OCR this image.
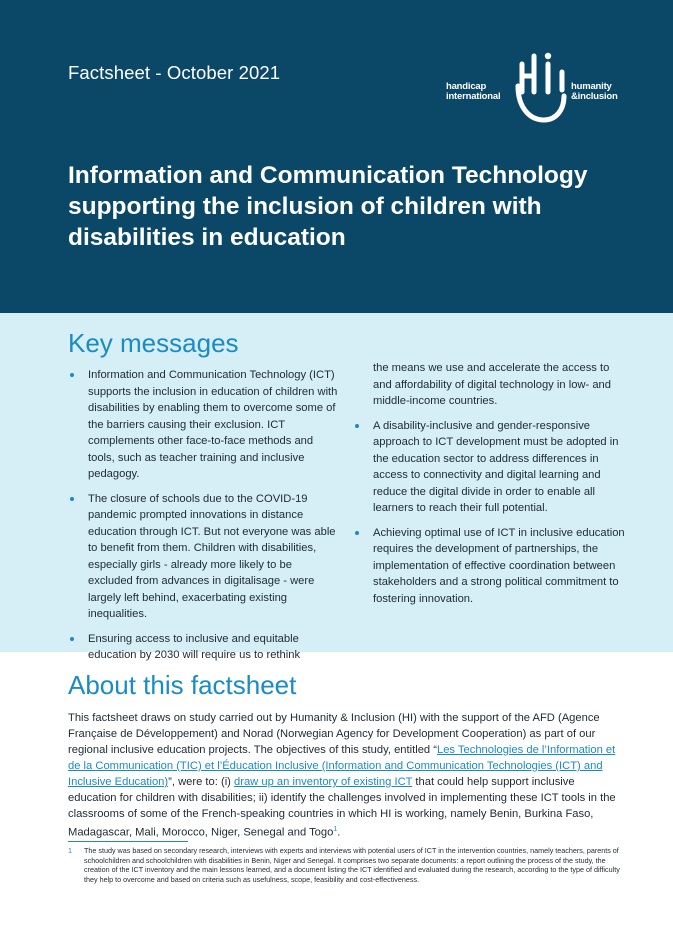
Factsheet - October 2021
handicap
international
humanity
&inclusion
Information and Communication Technology supporting the inclusion of children with disabilities in education
Key messages
Information and Communication Technology (ICT) supports the inclusion in education of children with disabilities by enabling them to overcome some of the barriers causing their exclusion. ICT complements other face-to-face methods and tools, such as teacher training and inclusive pedagogy.
The closure of schools due to the COVID-19 pandemic prompted innovations in distance education through ICT. But not everyone was able to benefit from them. Children with disabilities, especially girls - already more likely to be excluded from advances in digitalisage - were largely left behind, exacerbating existing inequalities.
Ensuring access to inclusive and equitable education by 2030 will require us to rethink
the means we use and accelerate the access to and affordability of digital technology in low- and middle-income countries.
A disability-inclusive and gender-responsive approach to ICT development must be adopted in the education sector to address differences in access to connectivity and digital learning and reduce the digital divide in order to enable all learners to reach their full potential.
Achieving optimal use of ICT in inclusive education requires the development of partnerships, the implementation of effective coordination between stakeholders and a strong political commitment to fostering innovation.
About this factsheet

This factsheet draws on study carried out by Humanity & Inclusion (HI) with the support of the AFD (Agence Française de Développement) and Norad (Norwegian Agency for Development Cooperation) as part of our regional inclusive education projects. The objectives of this study, entitled “Les Technologies de l’Information et de la Communication (TIC) et l’Éducation Inclusive (Information and Communication Technologies (ICT) and Inclusive Education)”, were to: (i) draw up an inventory of existing ICT that could help support inclusive education for children with disabilities; ii) identify the challenges involved in implementing these ICT tools in the classrooms of some of the French-speaking countries in which HI is working, namely Benin, Burkina Faso, Madagascar, Mali, Morocco, Niger, Senegal and Togo$^1$.

1 The study was based on secondary research, interviews with experts and interviews with potential users of ICT in the intervention countries, namely teachers, parents of schoolchildren and schoolchildren with disabilities in Benin, Niger and Senegal. It comprises two separate documents: a report outlining the process of the study, the creation of the ICT inventory and the main lessons learned, and a document listing the ICT identified and evaluated during the research, according to the type of difficulty they help to overcome and based on criteria such as usefulness, scope, feasibility and cost-effectiveness.
